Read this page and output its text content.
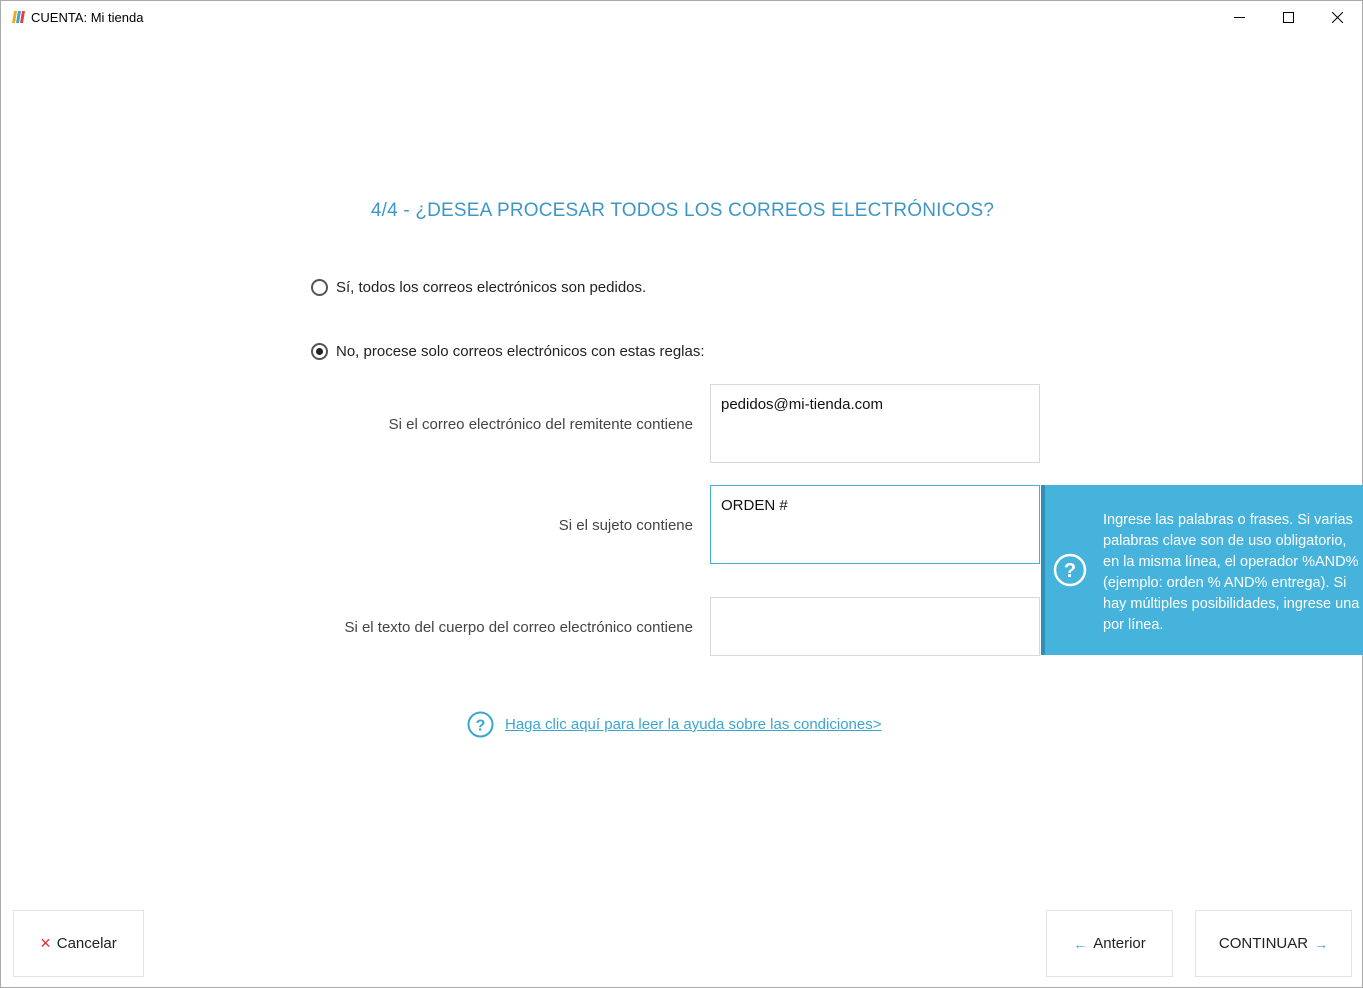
CUENTA: Mi tienda
4/4 - ¿DESEA PROCESAR TODOS LOS CORREOS ELECTRÓNICOS?
Sí, todos los correos electrónicos son pedidos.
No, procese solo correos electrónicos con estas reglas:
Si el correo electrónico del remitente contiene
pedidos@mi-tienda.com
Si el sujeto contiene
ORDEN #
Si el texto del cuerpo del correo electrónico contiene
?
Ingrese las palabras o frases. Si varias palabras clave son de uso obligatorio, en la misma línea, el operador %AND% (ejemplo: orden % AND% entrega). Si hay múltiples posibilidades, ingrese una por línea.
? Haga clic aquí para leer la ayuda sobre las condiciones>
× Cancelar	← Anterior	CONTINUAR →
